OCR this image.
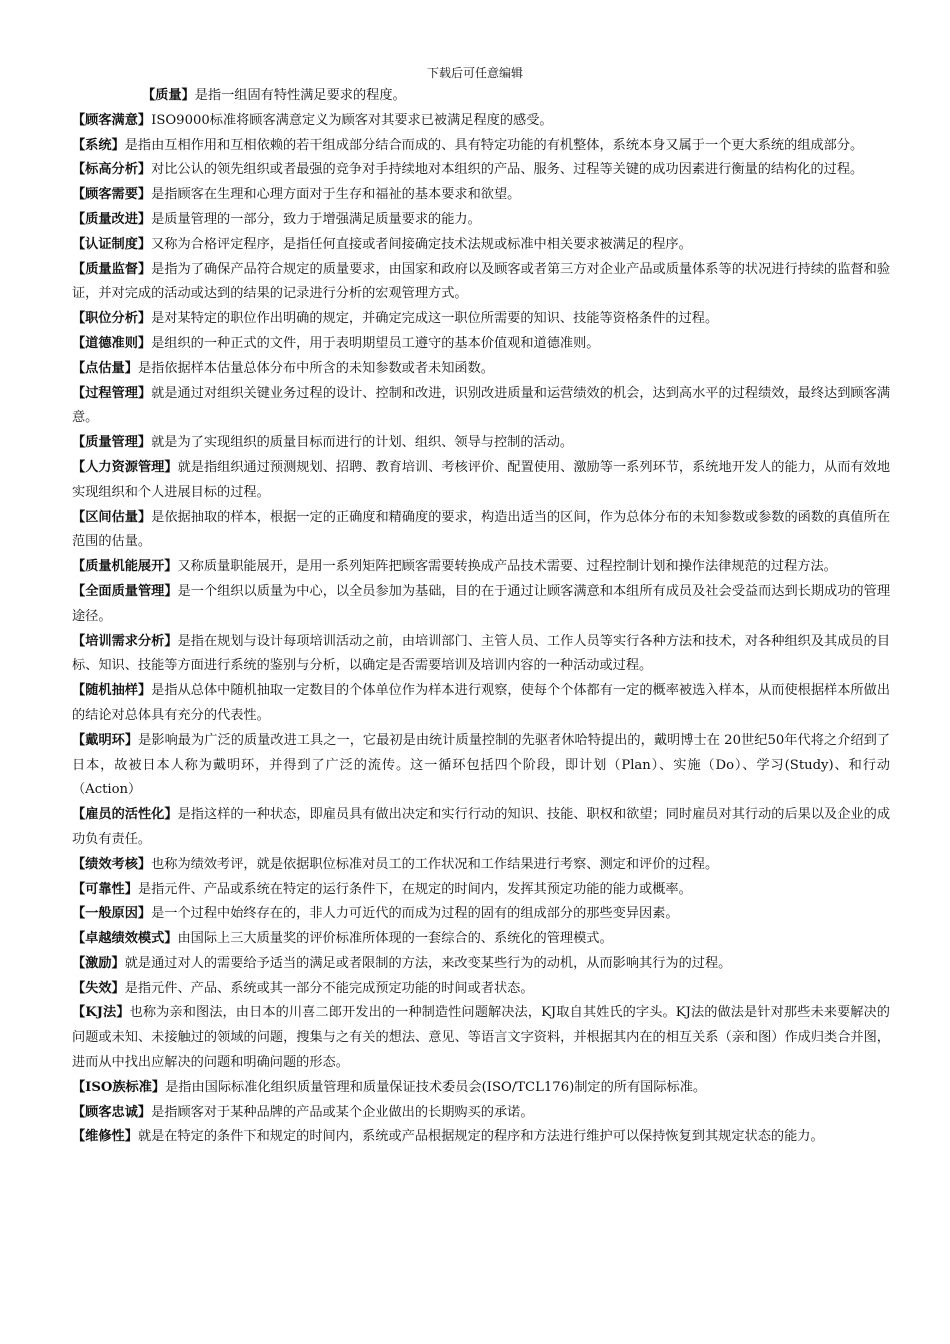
下载后可任意编辑

【质量】是指一组固有特性满足要求的程度。

【顾客满意】ISO9000标准将顾客满意定义为顾客对其要求已被满足程度的感受。

【系统】是指由互相作用和互相依赖的若干组成部分结合而成的、具有特定功能的有机整体，系统本身又属于一个更大系统的组成部分。

【标高分析】对比公认的领先组织或者最强的竞争对手持续地对本组织的产品、服务、过程等关键的成功因素进行衡量的结构化的过程。

【顾客需要】是指顾客在生理和心理方面对于生存和福祉的基本要求和欲望。

【质量改进】是质量管理的一部分，致力于增强满足质量要求的能力。

【认证制度】又称为合格评定程序，是指任何直接或者间接确定技术法规或标准中相关要求被满足的程序。

【质量监督】是指为了确保产品符合规定的质量要求，由国家和政府以及顾客或者第三方对企业产品或质量体系等的状况进行持续的监督和验证，并对完成的活动或达到的结果的记录进行分析的宏观管理方式。

【职位分析】是对某特定的职位作出明确的规定，并确定完成这一职位所需要的知识、技能等资格条件的过程。

【道德准则】是组织的一种正式的文件，用于表明期望员工遵守的基本价值观和道德准则。

【点估量】是指依据样本估量总体分布中所含的未知参数或者未知函数。

【过程管理】就是通过对组织关键业务过程的设计、控制和改进，识别改进质量和运营绩效的机会，达到高水平的过程绩效，最终达到顾客满意。

【质量管理】就是为了实现组织的质量目标而进行的计划、组织、领导与控制的活动。

【人力资源管理】就是指组织通过预测规划、招聘、教育培训、考核评价、配置使用、激励等一系列环节，系统地开发人的能力，从而有效地实现组织和个人进展目标的过程。

【区间估量】是依据抽取的样本，根据一定的正确度和精确度的要求，构造出适当的区间，作为总体分布的未知参数或参数的函数的真值所在范围的估量。

【质量机能展开】又称质量职能展开，是用一系列矩阵把顾客需要转换成产品技术需要、过程控制计划和操作法律规范的过程方法。

【全面质量管理】是一个组织以质量为中心，以全员参加为基础，目的在于通过让顾客满意和本组所有成员及社会受益而达到长期成功的管理途径。

【培训需求分析】是指在规划与设计每项培训活动之前，由培训部门、主管人员、工作人员等实行各种方法和技术，对各种组织及其成员的目标、知识、技能等方面进行系统的鉴别与分析，以确定是否需要培训及培训内容的一种活动或过程。

【随机抽样】是指从总体中随机抽取一定数目的个体单位作为样本进行观察，使每个个体都有一定的概率被选入样本，从而使根据样本所做出的结论对总体具有充分的代表性。

【戴明环】是影响最为广泛的质量改进工具之一，它最初是由统计质量控制的先驱者休哈特提出的，戴明博士在 20世纪50年代将之介绍到了日本，故被日本人称为戴明环，并得到了广泛的流传。这一循环包括四个阶段，即计划（Plan）、实施（Do）、学习(Study)、和行动（Action）

【雇员的活性化】是指这样的一种状态，即雇员具有做出决定和实行行动的知识、技能、职权和欲望；同时雇员对其行动的后果以及企业的成功负有责任。

【绩效考核】也称为绩效考评，就是依据职位标准对员工的工作状况和工作结果进行考察、测定和评价的过程。

【可靠性】是指元件、产品或系统在特定的运行条件下，在规定的时间内，发挥其预定功能的能力或概率。

【一般原因】是一个过程中始终存在的，非人力可近代的而成为过程的固有的组成部分的那些变异因素。

【卓越绩效模式】由国际上三大质量奖的评价标准所体现的一套综合的、系统化的管理模式。

【激励】就是通过对人的需要给予适当的满足或者限制的方法，来改变某些行为的动机，从而影响其行为的过程。

【失效】是指元件、产品、系统或其一部分不能完成预定功能的时间或者状态。

【KJ法】也称为亲和图法，由日本的川喜二郎开发出的一种制造性问题解决法，KJ取自其姓氏的字头。KJ法的做法是针对那些未来要解决的问题或未知、未接触过的领域的问题，搜集与之有关的想法、意见、等语言文字资料，并根据其内在的相互关系（亲和图）作成归类合并图，进而从中找出应解决的问题和明确问题的形态。

【ISO族标准】是指由国际标准化组织质量管理和质量保证技术委员会(ISO/TCL176)制定的所有国际标准。

【顾客忠诚】是指顾客对于某种品牌的产品或某个企业做出的长期购买的承诺。

【维修性】就是在特定的条件下和规定的时间内，系统或产品根据规定的程序和方法进行维护可以保持恢复到其规定状态的能力。
